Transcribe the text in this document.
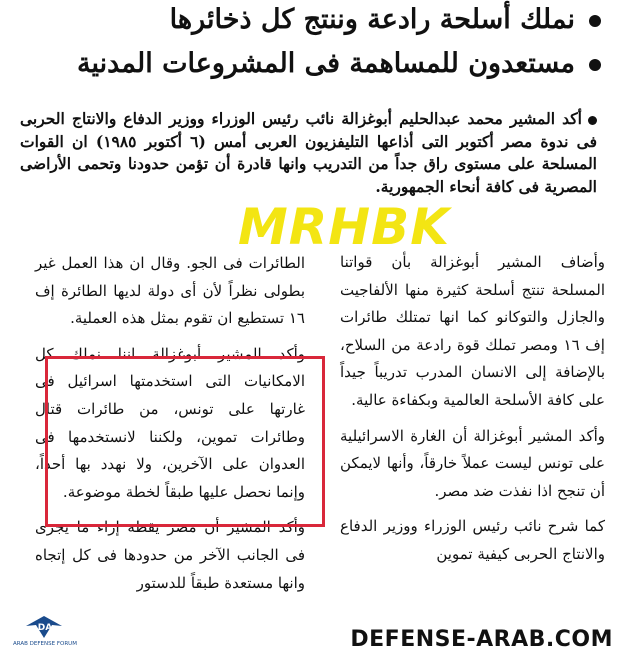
نملك أسلحة رادعة وننتج كل ذخائرها
مستعدون للمساهمة فى المشروعات المدنية
أكد المشير محمد عبدالحليم أبوغزالة نائب رئيس الوزراء ووزير الدفاع والانتاج الحربى فى ندوة مصر أكتوبر التى أذاعها التليفزيون العربى أمس (٦ أكتوبر ١٩٨٥) ان القوات المسلحة على مستوى راق جداً من التدريب وانها قادرة أن تؤمن حدودنا وتحمى الأراضى المصرية فى كافة أنحاء الجمهورية.

وأضاف المشير أبوغزالة بأن قواتنا المسلحة تنتج أسلحة كثيرة منها الألفاجيت والجازل والتوكانو كما انها تمتلك طائرات إف ١٦ ومصر تملك قوة رادعة من السلاح، بالإضافة إلى الانسان المدرب تدريباً جيداً على كافة الأسلحة العالمية وبكفاءة عالية.

وأكد المشير أبوغزالة أن الغارة الاسرائيلية على تونس ليست عملاً خارقاً، وأنها لايمكن أن تنجح اذا نفذت ضد مصر.

كما شرح نائب رئيس الوزراء ووزير الدفاع والانتاج الحربى كيفية تموين

الطائرات فى الجو. وقال ان هذا العمل غير بطولى نظراً لأن أى دولة لديها الطائرة إف ١٦ تستطيع ان تقوم بمثل هذه العملية.

وأكد المشير أبوغزالة اننا نملك كل الامكانيات التى استخدمتها اسرائيل فى غارتها على تونس، من طائرات قتال وطائرات تموين، ولكننا لانستخدمها فى العدوان على الآخرين، ولا نهدد بها أحداً، وإنما نحصل عليها طبقاً لخطة موضوعة.

وأكد المشير أن مصر يقظة إزاء ما يجرى فى الجانب الآخر من حدودها فى كل إتجاه وانها مستعدة طبقاً للدستور

MRHBK
DEFENSE-ARAB.COM
DA
ARAB DEFENSE FORUM
